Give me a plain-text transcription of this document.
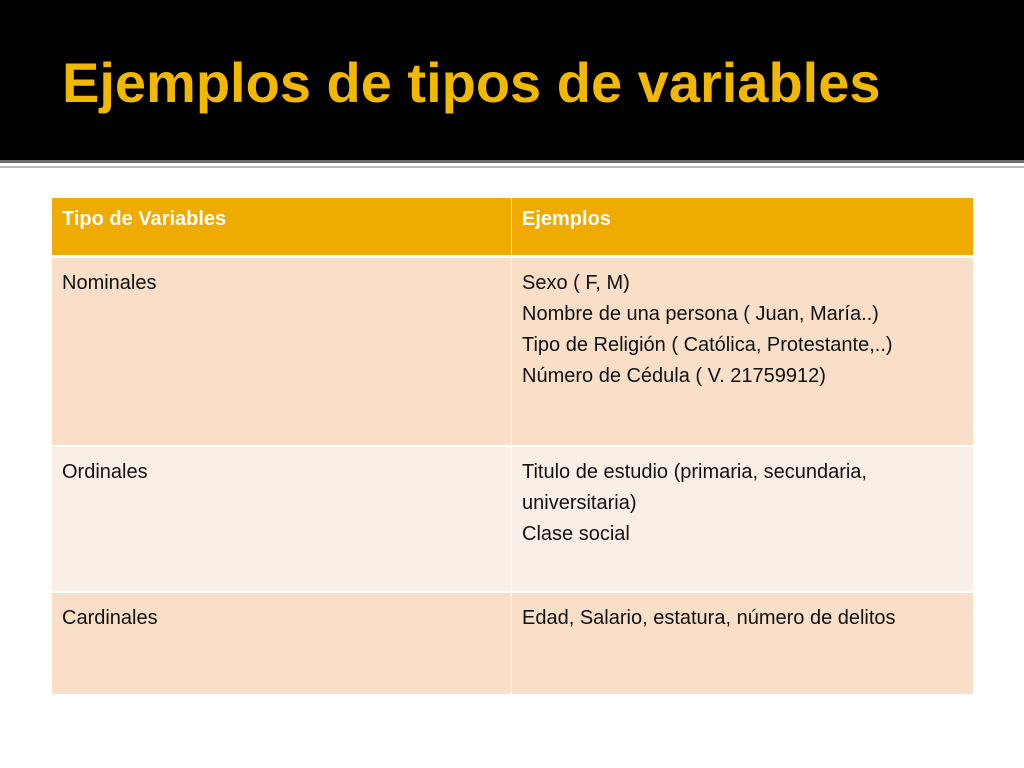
Ejemplos de tipos de variables
Tipo de Variables	Ejemplos
Nominales	Sexo ( F, M)
Nombre de una persona ( Juan, María..)
Tipo de Religión ( Católica, Protestante,..)
Número de Cédula ( V. 21759912)

Ordinales	Titulo de estudio (primaria, secundaria, universitaria)
Clase social

Cardinales	Edad, Salario, estatura, número de delitos
